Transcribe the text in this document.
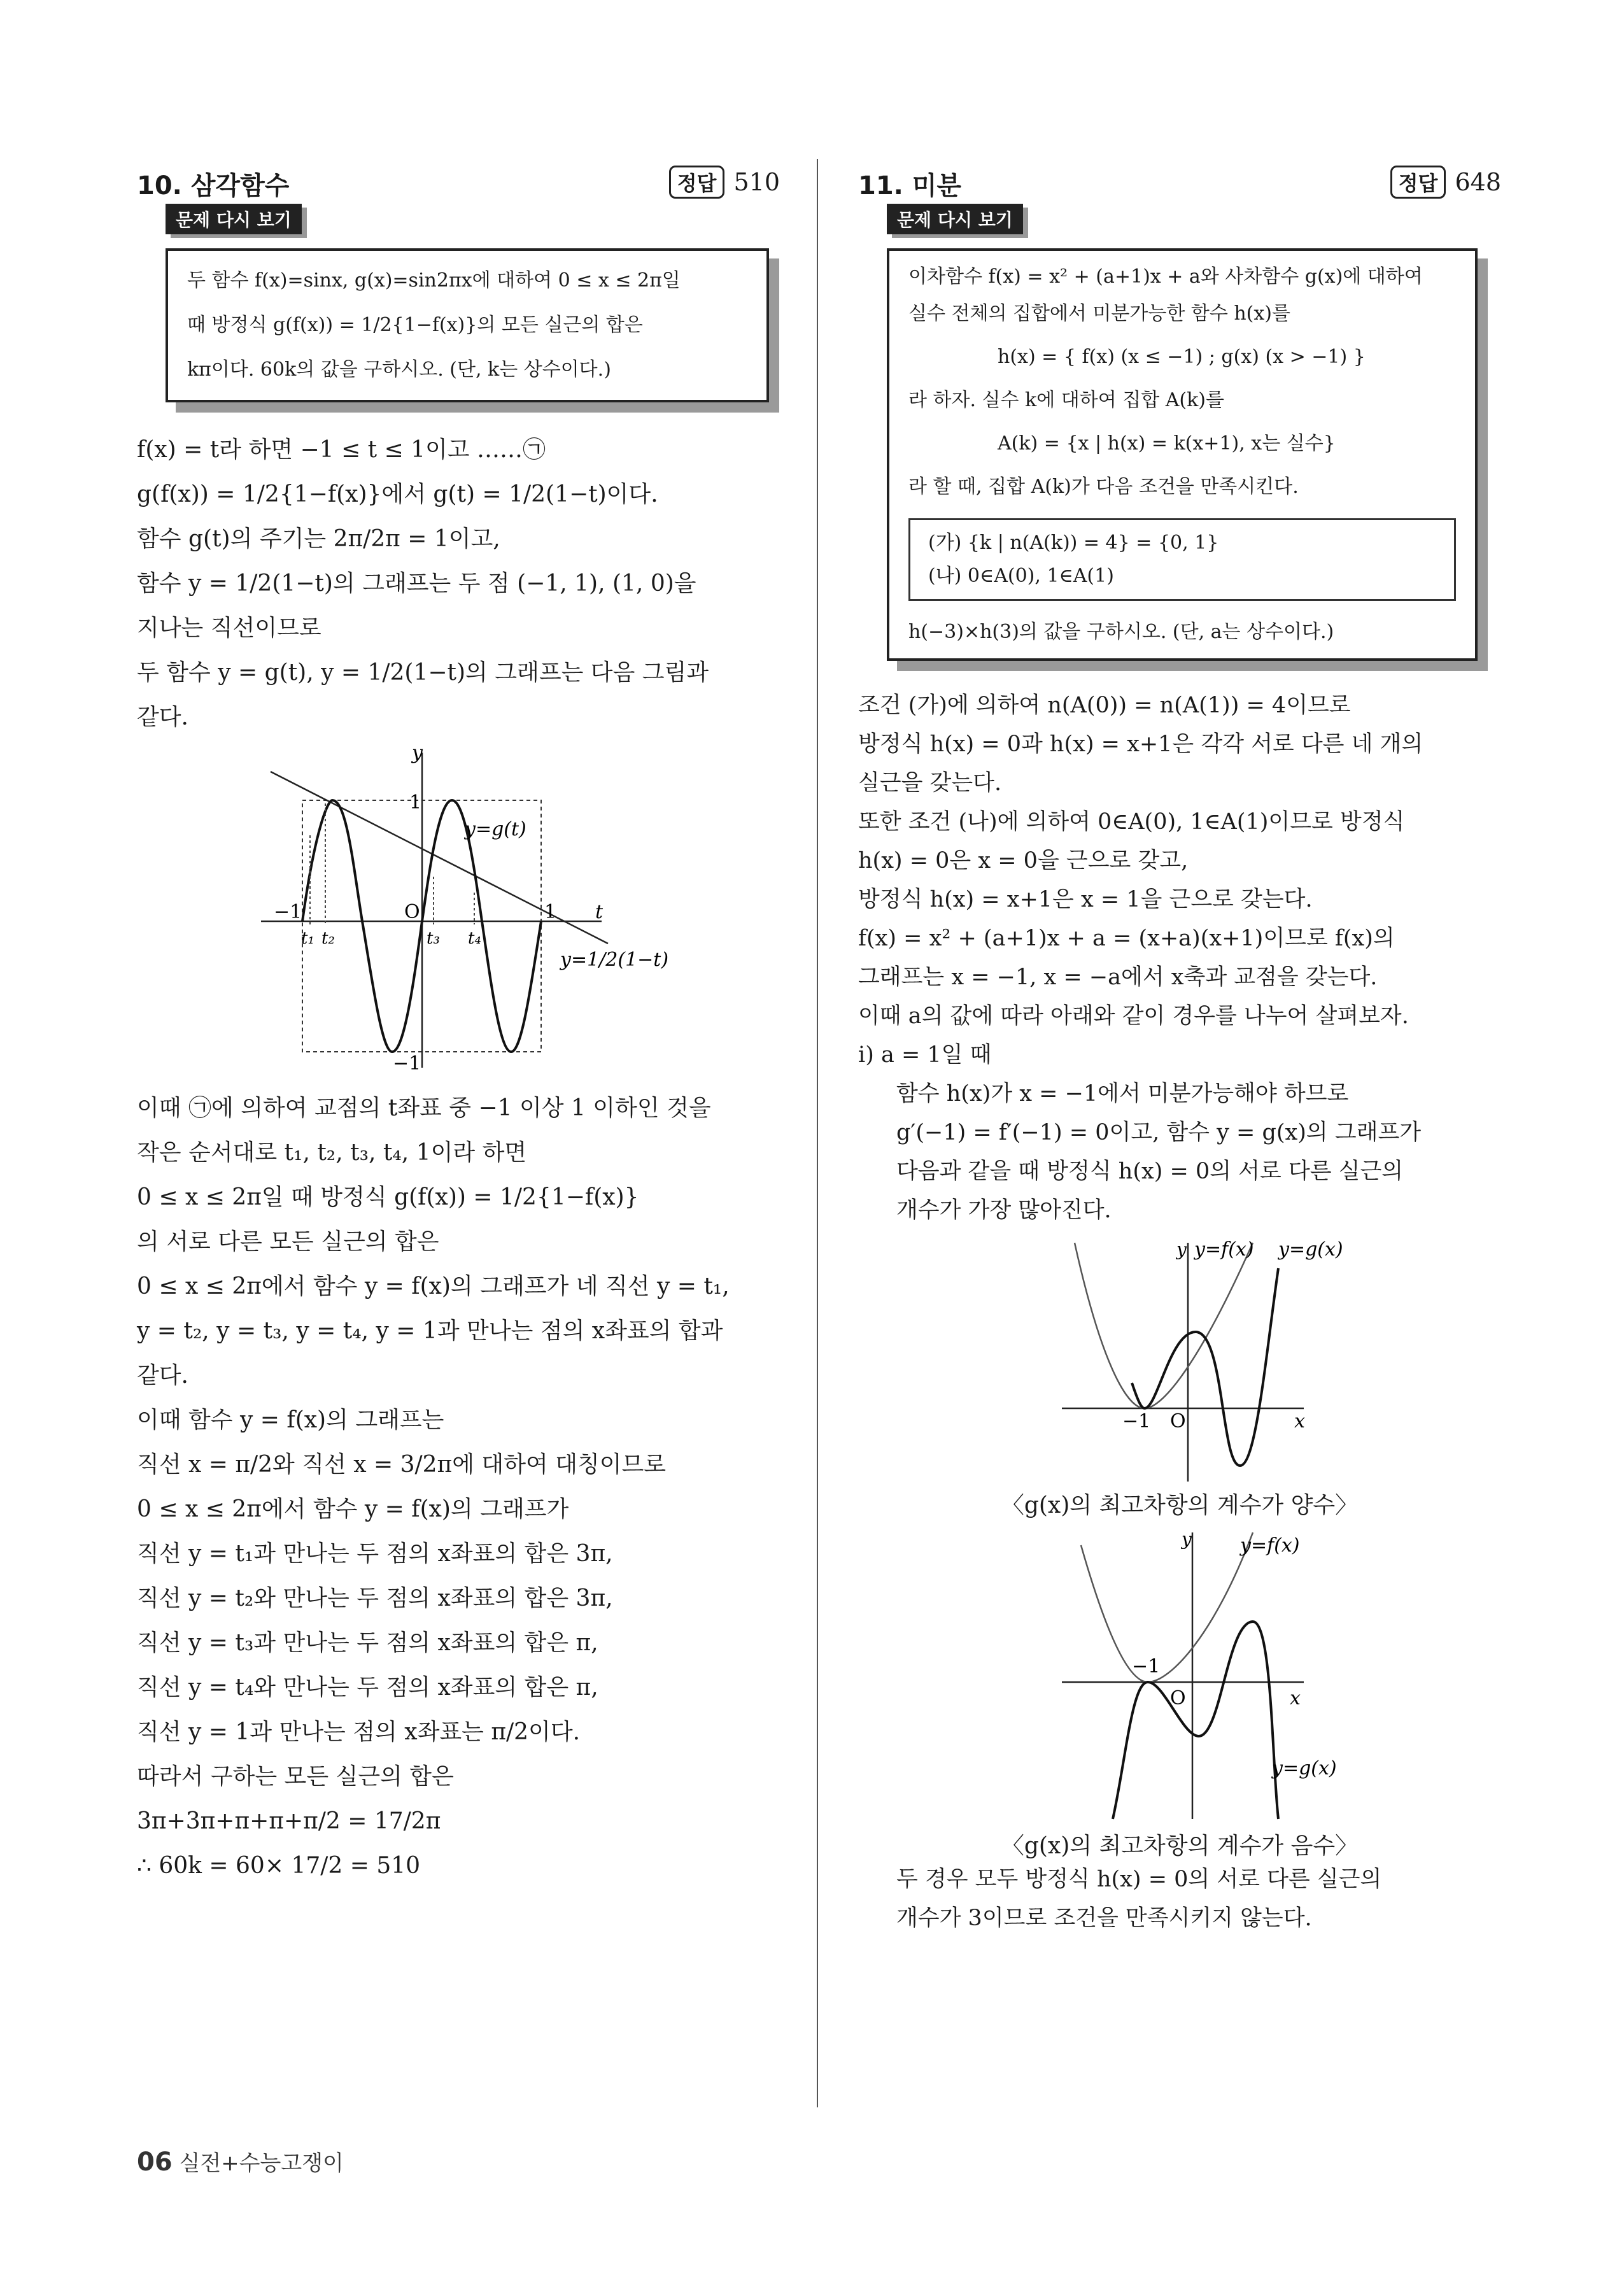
10. 삼각함수	정답 510
문제 다시 보기
두 함수 f(x)=sinx, g(x)=sin2πx에 대하여 0 ≤ x ≤ 2π일
때 방정식 g(f(x)) = 1/2{1−f(x)}의 모든 실근의 합은
kπ이다. 60k의 값을 구하시오. (단, k는 상수이다.)

f(x) = t라 하면 −1 ≤ t ≤ 1이고 ……㉠

g(f(x)) = 1/2{1−f(x)}에서 g(t) = 1/2(1−t)이다.

함수 g(t)의 주기는 2π/2π = 1이고,

함수 y = 1/2(1−t)의 그래프는 두 점 (−1, 1), (1, 0)을

지나는 직선이므로

두 함수 y = g(t), y = 1/2(1−t)의 그래프는 다음 그림과

같다.

y
t
1
−1	O	1
−1
y=g(t)
y=1/2(1−t)
t₁ t₂	t₃ t₄

이때 ㉠에 의하여 교점의 t좌표 중 −1 이상 1 이하인 것을

작은 순서대로 t₁, t₂, t₃, t₄, 1이라 하면

0 ≤ x ≤ 2π일 때 방정식 g(f(x)) = 1/2{1−f(x)}

의 서로 다른 모든 실근의 합은

0 ≤ x ≤ 2π에서 함수 y = f(x)의 그래프가 네 직선 y = t₁,

y = t₂, y = t₃, y = t₄, y = 1과 만나는 점의 x좌표의 합과

같다.

이때 함수 y = f(x)의 그래프는

직선 x = π/2와 직선 x = 3/2π에 대하여 대칭이므로

0 ≤ x ≤ 2π에서 함수 y = f(x)의 그래프가

직선 y = t₁과 만나는 두 점의 x좌표의 합은 3π,

직선 y = t₂와 만나는 두 점의 x좌표의 합은 3π,

직선 y = t₃과 만나는 두 점의 x좌표의 합은 π,

직선 y = t₄와 만나는 두 점의 x좌표의 합은 π,

직선 y = 1과 만나는 점의 x좌표는 π/2이다.

따라서 구하는 모든 실근의 합은

3π+3π+π+π+π/2 = 17/2π

∴ 60k = 60× 17/2 = 510

11. 미분	정답 648
문제 다시 보기
이차함수 f(x) = x² + (a+1)x + a와 사차함수 g(x)에 대하여
실수 전체의 집합에서 미분가능한 함수 h(x)를
h(x) = { f(x) (x ≤ −1) ; g(x) (x > −1) }
라 하자. 실수 k에 대하여 집합 A(k)를
A(k) = {x | h(x) = k(x+1), x는 실수}
라 할 때, 집합 A(k)가 다음 조건을 만족시킨다.
(가) {k | n(A(k)) = 4} = {0, 1}
(나) 0∈A(0), 1∈A(1)
h(−3)×h(3)의 값을 구하시오. (단, a는 상수이다.)

조건 (가)에 의하여 n(A(0)) = n(A(1)) = 4이므로

방정식 h(x) = 0과 h(x) = x+1은 각각 서로 다른 네 개의

실근을 갖는다.

또한 조건 (나)에 의하여 0∈A(0), 1∈A(1)이므로 방정식

h(x) = 0은 x = 0을 근으로 갖고,

방정식 h(x) = x+1은 x = 1을 근으로 갖는다.

f(x) = x² + (a+1)x + a = (x+a)(x+1)이므로 f(x)의

그래프는 x = −1, x = −a에서 x축과 교점을 갖는다.

이때 a의 값에 따라 아래와 같이 경우를 나누어 살펴보자.

ⅰ) a = 1일 때

함수 h(x)가 x = −1에서 미분가능해야 하므로

g′(−1) = f′(−1) = 0이고, 함수 y = g(x)의 그래프가

다음과 같을 때 방정식 h(x) = 0의 서로 다른 실근의

개수가 가장 많아진다.

y y=f(x) y=g(x)
−1 O	x
〈g(x)의 최고차항의 계수가 양수〉
y	y=f(x)
−1
O	x
y=g(x)
〈g(x)의 최고차항의 계수가 음수〉

두 경우 모두 방정식 h(x) = 0의 서로 다른 실근의

개수가 3이므로 조건을 만족시키지 않는다.

06 실전+수능고쟁이
